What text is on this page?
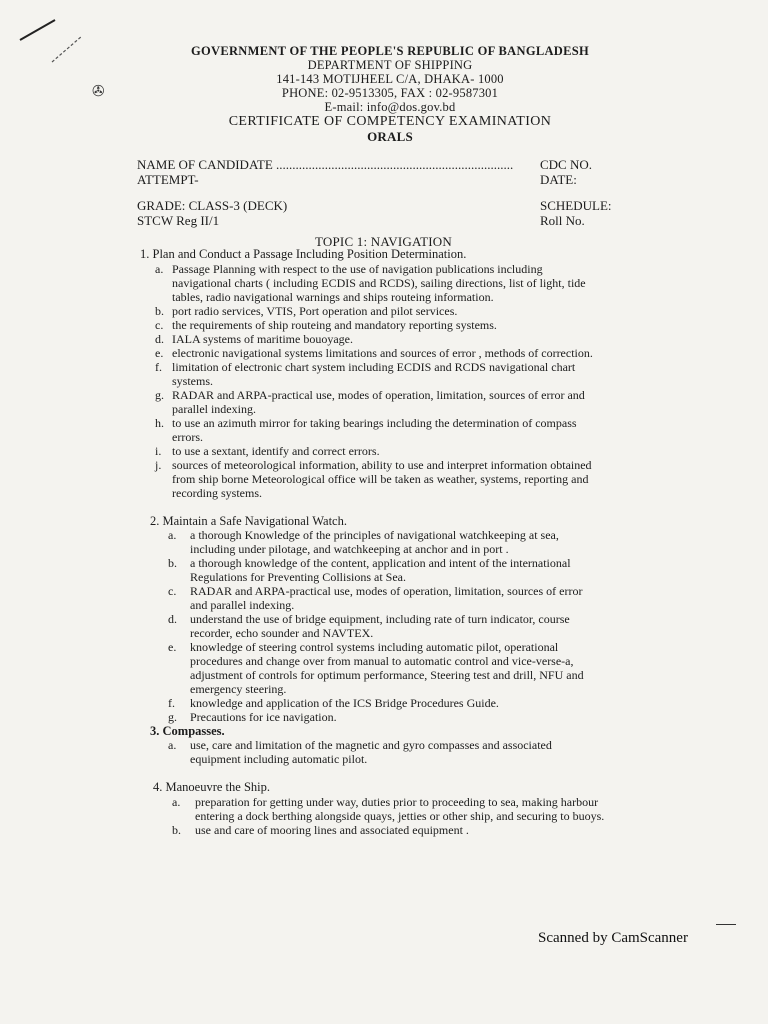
✇
GOVERNMENT OF THE PEOPLE'S REPUBLIC OF BANGLADESH
DEPARTMENT OF SHIPPING
141-143 MOTIJHEEL C/A, DHAKA- 1000
PHONE: 02-9513305, FAX : 02-9587301
E-mail: info@dos.gov.bd
CERTIFICATE OF COMPETENCY EXAMINATION
ORALS
NAME OF CANDIDATE ......................................................................... CDC NO.
ATTEMPT-	DATE:
GRADE: CLASS-3 (DECK)	SCHEDULE:
STCW Reg II/1	Roll No.
TOPIC 1: NAVIGATION
1. Plan and Conduct a Passage Including Position Determination.
a. Passage Planning with respect to the use of navigation publications including
navigational charts ( including ECDIS and RCDS), sailing directions, list of light, tide
tables, radio navigational warnings and ships routeing information.
b. port radio services, VTIS, Port operation and pilot services.
c. the requirements of ship routeing and mandatory reporting systems.
d. IALA systems of maritime bouoyage.
e. electronic navigational systems limitations and sources of error , methods of correction.
f. limitation of electronic chart system including ECDIS and RCDS navigational chart
systems.
g. RADAR and ARPA-practical use, modes of operation, limitation, sources of error and
parallel indexing.
h. to use an azimuth mirror for taking bearings including the determination of compass
errors.
i. to use a sextant, identify and correct errors.
j. sources of meteorological information, ability to use and interpret information obtained
from ship borne Meteorological office will be taken as weather, systems, reporting and
recording systems.
2. Maintain a Safe Navigational Watch.
a. a thorough Knowledge of the principles of navigational watchkeeping at sea,
including under pilotage, and watchkeeping at anchor and in port .
b. a thorough knowledge of the content, application and intent of the international
Regulations for Preventing Collisions at Sea.
c. RADAR and ARPA-practical use, modes of operation, limitation, sources of error
and parallel indexing.
d. understand the use of bridge equipment, including rate of turn indicator, course
recorder, echo sounder and NAVTEX.
e. knowledge of steering control systems including automatic pilot, operational
procedures and change over from manual to automatic control and vice-verse-a,
adjustment of controls for optimum performance, Steering test and drill, NFU and
emergency steering.
f. knowledge and application of the ICS Bridge Procedures Guide.
g. Precautions for ice navigation.
3. Compasses.
a. use, care and limitation of the magnetic and gyro compasses and associated
equipment including automatic pilot.
4. Manoeuvre the Ship.
a. preparation for getting under way, duties prior to proceeding to sea, making harbour
entering a dock berthing alongside quays, jetties or other ship, and securing to buoys.
b. use and care of mooring lines and associated equipment .
Scanned by CamScanner
